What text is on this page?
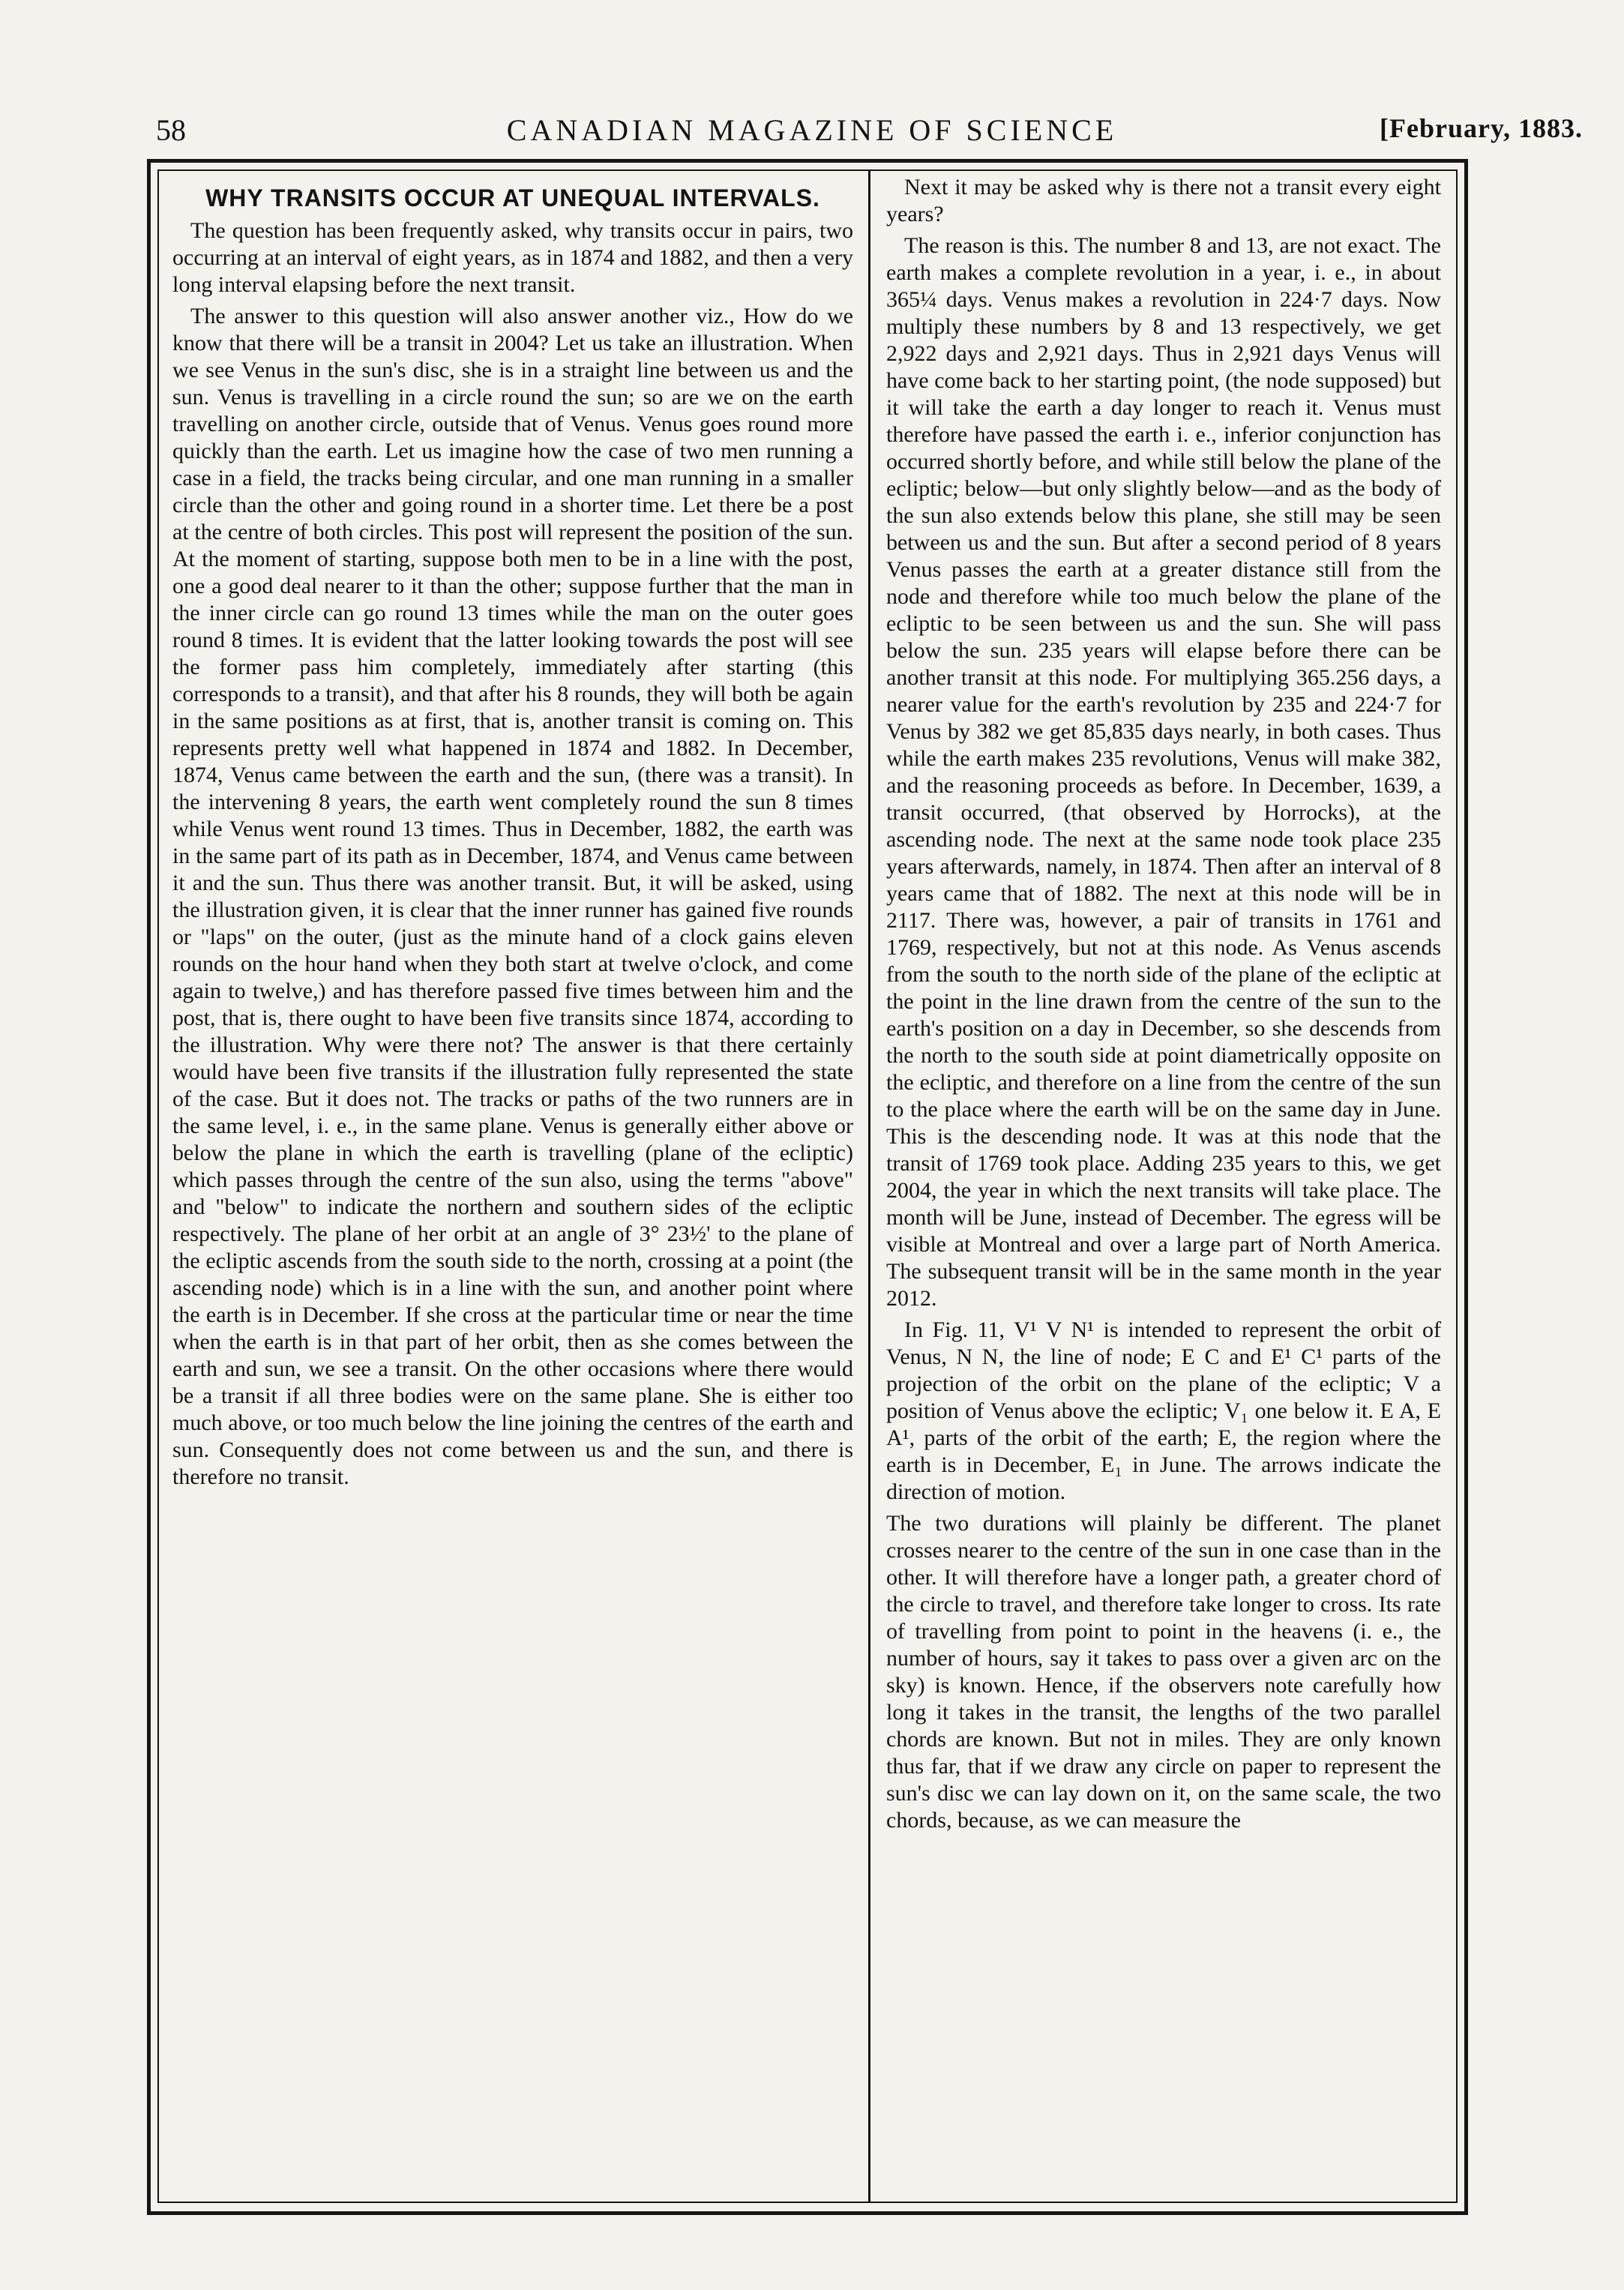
58	CANADIAN MAGAZINE OF SCIENCE	[February, 1883.
WHY TRANSITS OCCUR AT UNEQUAL INTERVALS.

The question has been frequently asked, why transits occur in pairs, two occurring at an interval of eight years, as in 1874 and 1882, and then a very long interval elapsing before the next transit.

The answer to this question will also answer another viz., How do we know that there will be a transit in 2004? Let us take an illustration. When we see Venus in the sun's disc, she is in a straight line between us and the sun. Venus is travelling in a circle round the sun; so are we on the earth travelling on another circle, outside that of Venus. Venus goes round more quickly than the earth. Let us imagine how the case of two men running a case in a field, the tracks being circular, and one man running in a smaller circle than the other and going round in a shorter time. Let there be a post at the centre of both circles. This post will represent the position of the sun. At the moment of starting, suppose both men to be in a line with the post, one a good deal nearer to it than the other; suppose further that the man in the inner circle can go round 13 times while the man on the outer goes round 8 times. It is evident that the latter looking towards the post will see the former pass him completely, immediately after starting (this corresponds to a transit), and that after his 8 rounds, they will both be again in the same positions as at first, that is, another transit is coming on. This represents pretty well what happened in 1874 and 1882. In December, 1874, Venus came between the earth and the sun, (there was a transit). In the intervening 8 years, the earth went completely round the sun 8 times while Venus went round 13 times. Thus in December, 1882, the earth was in the same part of its path as in December, 1874, and Venus came between it and the sun. Thus there was another transit. But, it will be asked, using the illustration given, it is clear that the inner runner has gained five rounds or "laps" on the outer, (just as the minute hand of a clock gains eleven rounds on the hour hand when they both start at twelve o'clock, and come again to twelve,) and has therefore passed five times between him and the post, that is, there ought to have been five transits since 1874, according to the illustration. Why were there not? The answer is that there certainly would have been five transits if the illustration fully represented the state of the case. But it does not. The tracks or paths of the two runners are in the same level, i. e., in the same plane. Venus is generally either above or below the plane in which the earth is travelling (plane of the ecliptic) which passes through the centre of the sun also, using the terms "above" and "below" to indicate the northern and southern sides of the ecliptic respectively. The plane of her orbit at an angle of 3° 23½' to the plane of the ecliptic ascends from the south side to the north, crossing at a point (the ascending node) which is in a line with the sun, and another point where the earth is in December. If she cross at the particular time or near the time when the earth is in that part of her orbit, then as she comes between the earth and sun, we see a transit. On the other occasions where there would be a transit if all three bodies were on the same plane. She is either too much above, or too much below the line joining the centres of the earth and sun. Consequently does not come between us and the sun, and there is therefore no transit.

Next it may be asked why is there not a transit every eight years?

The reason is this. The number 8 and 13, are not exact. The earth makes a complete revolution in a year, i. e., in about 365¼ days. Venus makes a revolution in 224·7 days. Now multiply these numbers by 8 and 13 respectively, we get 2,922 days and 2,921 days. Thus in 2,921 days Venus will have come back to her starting point, (the node supposed) but it will take the earth a day longer to reach it. Venus must therefore have passed the earth i. e., inferior conjunction has occurred shortly before, and while still below the plane of the ecliptic; below—but only slightly below—and as the body of the sun also extends below this plane, she still may be seen between us and the sun. But after a second period of 8 years Venus passes the earth at a greater distance still from the node and therefore while too much below the plane of the ecliptic to be seen between us and the sun. She will pass below the sun. 235 years will elapse before there can be another transit at this node. For multiplying 365.256 days, a nearer value for the earth's revolution by 235 and 224·7 for Venus by 382 we get 85,835 days nearly, in both cases. Thus while the earth makes 235 revolutions, Venus will make 382, and the reasoning proceeds as before. In December, 1639, a transit occurred, (that observed by Horrocks), at the ascending node. The next at the same node took place 235 years afterwards, namely, in 1874. Then after an interval of 8 years came that of 1882. The next at this node will be in 2117. There was, however, a pair of transits in 1761 and 1769, respectively, but not at this node. As Venus ascends from the south to the north side of the plane of the ecliptic at the point in the line drawn from the centre of the sun to the earth's position on a day in December, so she descends from the north to the south side at point diametrically opposite on the ecliptic, and therefore on a line from the centre of the sun to the place where the earth will be on the same day in June. This is the descending node. It was at this node that the transit of 1769 took place. Adding 235 years to this, we get 2004, the year in which the next transits will take place. The month will be June, instead of December. The egress will be visible at Montreal and over a large part of North America. The subsequent transit will be in the same month in the year 2012.

In Fig. 11, V¹ V N¹ is intended to represent the orbit of Venus, N N, the line of node; E C and E¹ C¹ parts of the projection of the orbit on the plane of the ecliptic; V a position of Venus above the ecliptic; V₁ one below it. E A, E A¹, parts of the orbit of the earth; E, the region where the earth is in December, E₁ in June. The arrows indicate the direction of motion.

The two durations will plainly be different. The planet crosses nearer to the centre of the sun in one case than in the other. It will therefore have a longer path, a greater chord of the circle to travel, and therefore take longer to cross. Its rate of travelling from point to point in the heavens (i. e., the number of hours, say it takes to pass over a given arc on the sky) is known. Hence, if the observers note carefully how long it takes in the transit, the lengths of the two parallel chords are known. But not in miles. They are only known thus far, that if we draw any circle on paper to represent the sun's disc we can lay down on it, on the same scale, the two chords, because, as we can measure the
